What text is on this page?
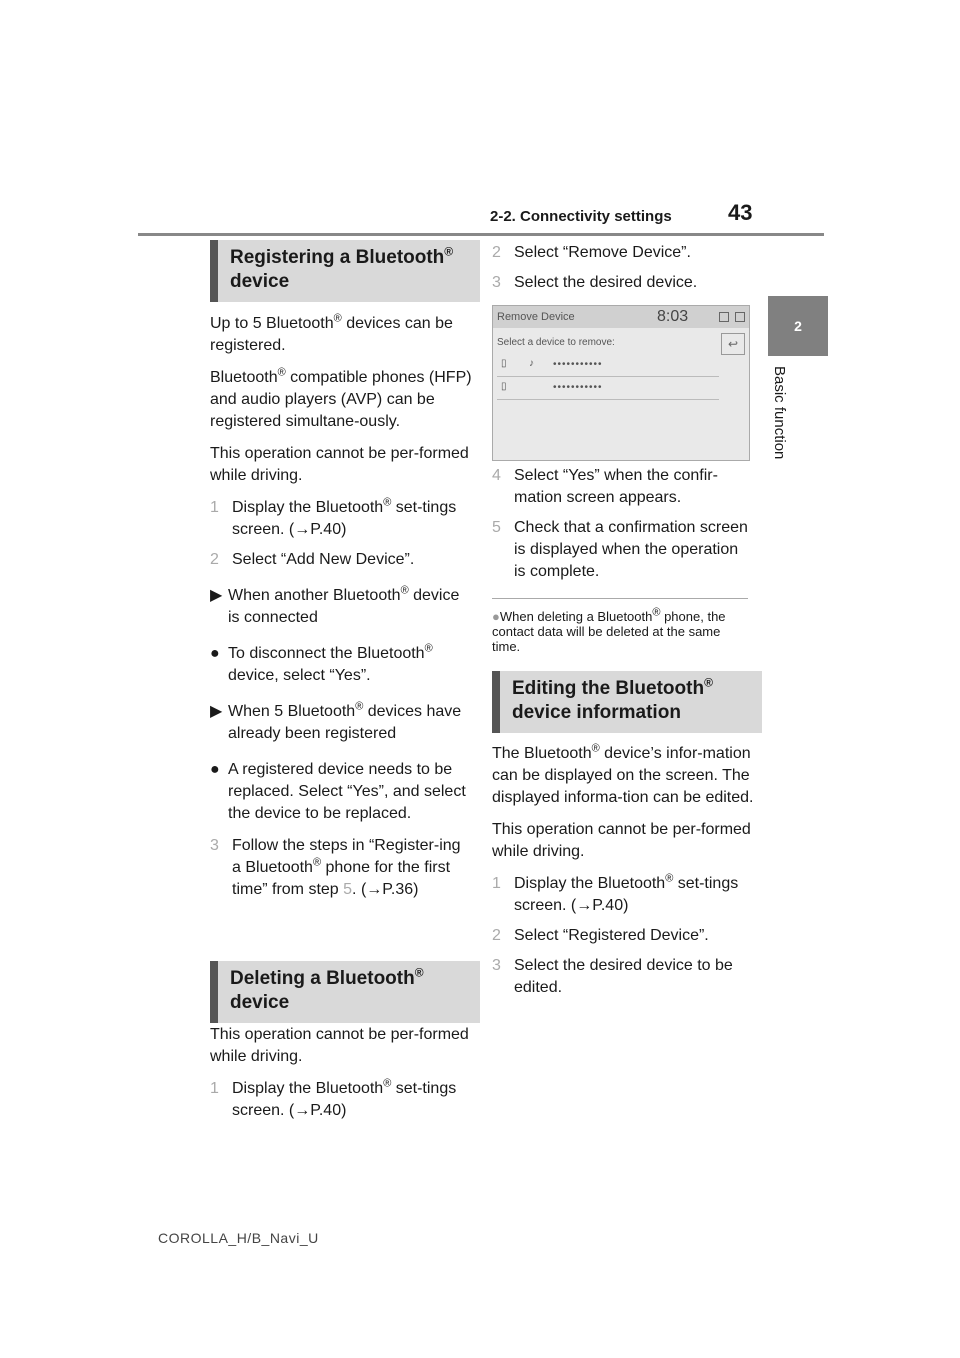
2-2. Connectivity settings	43
2
Basic function
Registering a Bluetooth®
device

Up to 5 Bluetooth® devices can be registered.

Bluetooth® compatible phones (HFP) and audio players (AVP) can be registered simultane-ously.

This operation cannot be per-formed while driving.

1 Display the Bluetooth® set-tings screen. (→P.40)
2 Select “Add New Device”.
▶ When another Bluetooth® device is connected
● To disconnect the Bluetooth® device, select “Yes”.
▶ When 5 Bluetooth® devices have already been registered
● A registered device needs to be replaced. Select “Yes”, and select the device to be replaced.
3 Follow the steps in “Register-ing a Bluetooth® phone for the first time” from step 5. (→P.36)
Deleting a Bluetooth®
device

This operation cannot be per-formed while driving.

1 Display the Bluetooth® set-tings screen. (→P.40)
2 Select “Remove Device”.
3 Select the desired device.
Remove Device	8:03
Select a device to remove:	↩
▯ ♪ •••••••••••
▯	•••••••••••
4 Select “Yes” when the confir-mation screen appears.
5 Check that a confirmation screen is displayed when the operation is complete.
●When deleting a Bluetooth® phone, the contact data will be deleted at the same time.
Editing the Bluetooth®
device information

The Bluetooth® device’s infor-mation can be displayed on the screen. The displayed informa-tion can be edited.

This operation cannot be per-formed while driving.

1 Display the Bluetooth® set-tings screen. (→P.40)
2 Select “Registered Device”.
3 Select the desired device to be edited.
COROLLA_H/B_Navi_U
